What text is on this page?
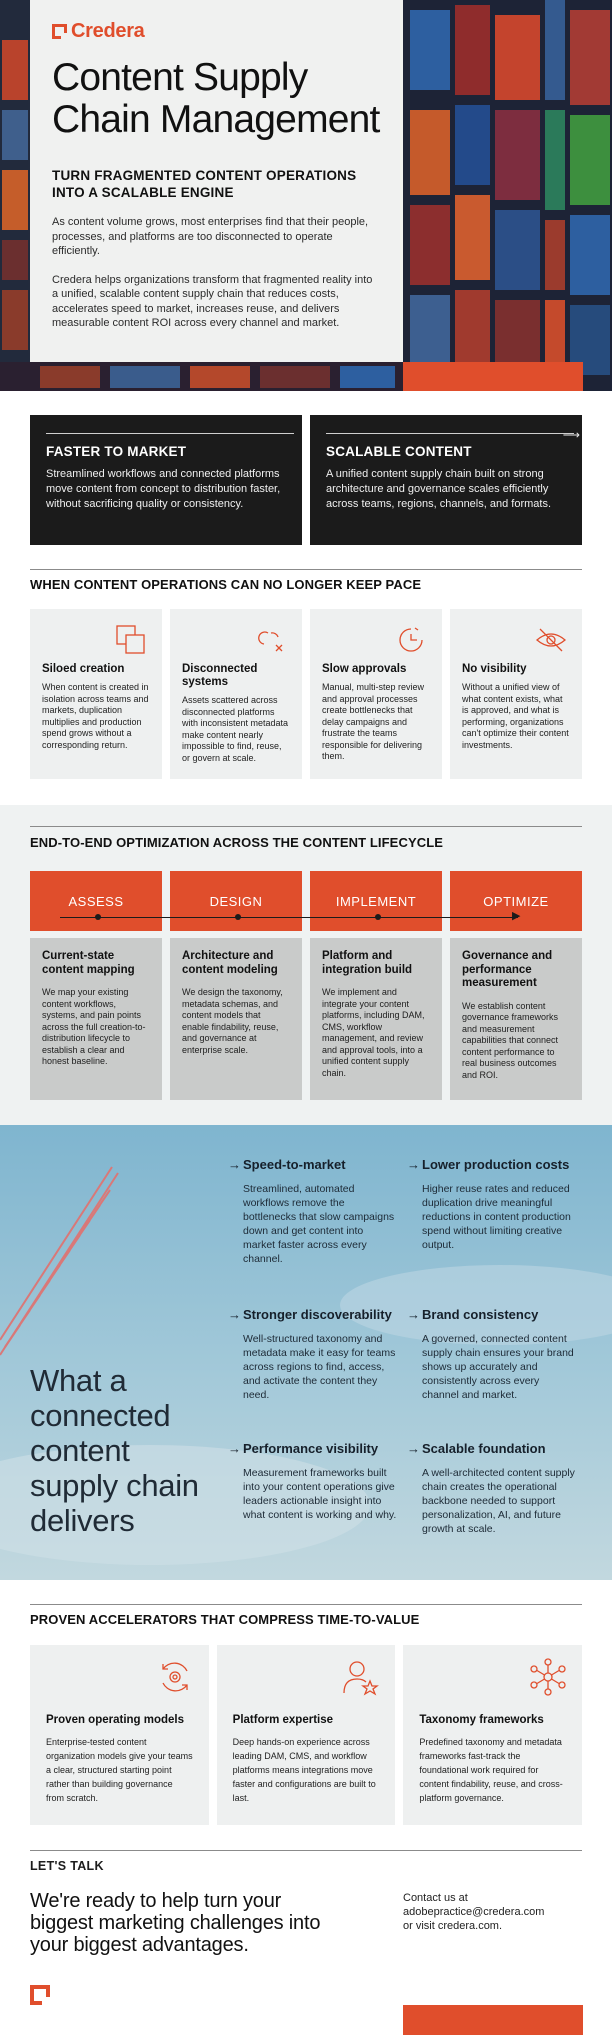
Credera
Content Supply
Chain Management
TURN FRAGMENTED CONTENT OPERATIONS
INTO A SCALABLE ENGINE

As content volume grows, most enterprises find that their people, processes, and platforms are too disconnected to operate efficiently.

Credera helps organizations transform that fragmented reality into a unified, scalable content supply chain that reduces costs, accelerates speed to market, increases reuse, and delivers measurable content ROI across every channel and market.

FASTER TO MARKET

Streamlined workflows and connected platforms move content from concept to distribution faster, without sacrificing quality or consistency.

⟶
SCALABLE CONTENT

A unified content supply chain built on strong architecture and governance scales efficiently across teams, regions, channels, and formats.

WHEN CONTENT OPERATIONS CAN NO LONGER KEEP PACE
Siloed creation

When content is created in isolation across teams and markets, duplication multiplies and production spend grows without a corresponding return.

Disconnected systems

Assets scattered across disconnected platforms with inconsistent metadata make content nearly impossible to find, reuse, or govern at scale.

Slow approvals

Manual, multi-step review and approval processes create bottlenecks that delay campaigns and frustrate the teams responsible for delivering them.

No visibility

Without a unified view of what content exists, what is approved, and what is performing, organizations can't optimize their content investments.

END-TO-END OPTIMIZATION ACROSS THE CONTENT LIFECYCLE
ASSESS	DESIGN	IMPLEMENT	OPTIMIZE
▶
Current-state content mapping

We map your existing content workflows, systems, and pain points across the full creation-to-distribution lifecycle to establish a clear and honest baseline.

Architecture and content modeling

We design the taxonomy, metadata schemas, and content models that enable findability, reuse, and governance at enterprise scale.

Platform and integration build

We implement and integrate your content platforms, including DAM, CMS, workflow management, and review and approval tools, into a unified content supply chain.

Governance and performance measurement

We establish content governance frameworks and measurement capabilities that connect content performance to real business outcomes and ROI.

What a
connected
content
supply chain
delivers
→ Speed-to-market

Streamlined, automated workflows remove the bottlenecks that slow campaigns down and get content into market faster across every channel.

→ Lower production costs

Higher reuse rates and reduced duplication drive meaningful reductions in content production spend without limiting creative output.

→ Stronger discoverability

Well-structured taxonomy and metadata make it easy for teams across regions to find, access, and activate the content they need.

→ Brand consistency

A governed, connected content supply chain ensures your brand shows up accurately and consistently across every channel and market.

→ Performance visibility

Measurement frameworks built into your content operations give leaders actionable insight into what content is working and why.

→ Scalable foundation

A well-architected content supply chain creates the operational backbone needed to support personalization, AI, and future growth at scale.

PROVEN ACCELERATORS THAT COMPRESS TIME-TO-VALUE
Proven operating models

Enterprise-tested content organization models give your teams a clear, structured starting point rather than building governance from scratch.

Platform expertise

Deep hands-on experience across leading DAM, CMS, and workflow platforms means integrations move faster and configurations are built to last.

Taxonomy frameworks

Predefined taxonomy and metadata frameworks fast-track the foundational work required for content findability, reuse, and cross-platform governance.

LET'S TALK

We're ready to help turn your biggest marketing challenges into your biggest advantages.

Contact us at
adobepractice@credera.com
or visit credera.com.
